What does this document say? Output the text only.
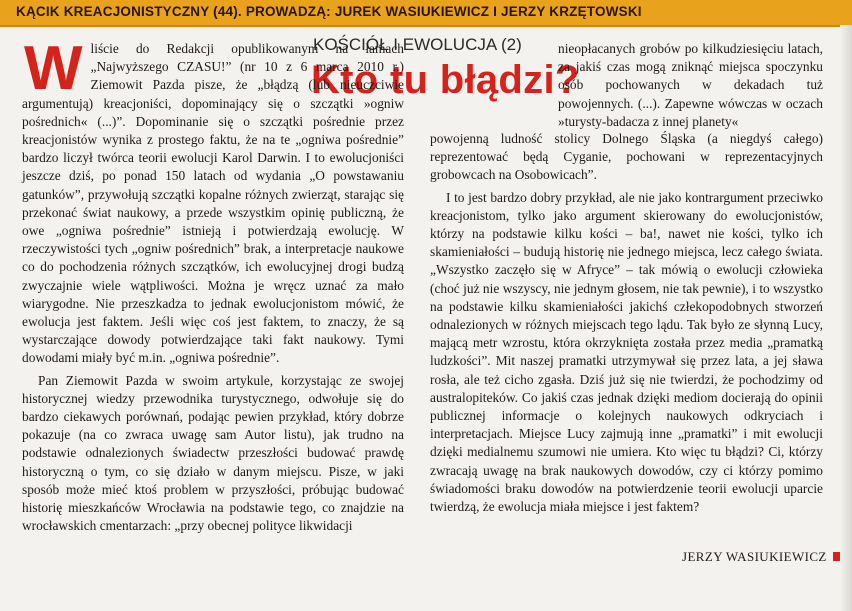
KĄCIK KREACJONISTYCZNY (44). PROWADZĄ: JUREK WASIUKIEWICZ I JERZY KRZĘTOWSKI
KOŚCIÓŁ I EWOLUCJA (2)
Kto tu błądzi?

W liście do Redakcji opublikowanym na łamach „Najwyższego CZASU!” (nr 10 z 6 marca 2010 r.) Ziemowit Pazda pisze, że „błądzą (lub nieuczciwie argumentują) kreacjoniści, dopominający się o szczątki »ogniw pośrednich« (...)”. Dopominanie się o szczątki pośrednie przez kreacjonistów wynika z prostego faktu, że na te „ogniwa pośrednie” bardzo liczył twórca teorii ewolucji Karol Darwin. I to ewolucjoniści jeszcze dziś, po ponad 150 latach od wydania „O powstawaniu gatunków”, przywołują szczątki kopalne różnych zwierząt, starając się przekonać świat naukowy, a przede wszystkim opinię publiczną, że owe „ogniwa pośrednie” istnieją i potwierdzają ewolucję. W rzeczywistości tych „ogniw pośrednich” brak, a interpretacje naukowe co do pochodzenia różnych szczątków, ich ewolucyjnej drogi budzą zwyczajnie wiele wątpliwości. Można je wręcz uznać za mało wiarygodne. Nie przeszkadza to jednak ewolucjonistom mówić, że ewolucja jest faktem. Jeśli więc coś jest faktem, to znaczy, że są wystarczające dowody potwierdzające taki fakt naukowy. Tymi dowodami miały być m.in. „ogniwa pośrednie”.

Pan Ziemowit Pazda w swoim artykule, korzystając ze swojej historycznej wiedzy przewodnika turystycznego, odwołuje się do bardzo ciekawych porównań, podając pewien przykład, który dobrze pokazuje (na co zwraca uwagę sam Autor listu), jak trudno na podstawie odnalezionych świadectw przeszłości budować prawdę historyczną o tym, co się działo w danym miejscu. Pisze, w jaki sposób może mieć ktoś problem w przyszłości, próbując budować historię mieszkańców Wrocławia na podstawie tego, co znajdzie na wrocławskich cmentarzach: „przy obecnej polityce likwidacji

nieopłacanych grobów po kilkudziesięciu latach, za jakiś czas mogą zniknąć miejsca spoczynku osób pochowanych w dekadach tuż powojennych. (...). Zapewne wówczas w oczach »turysty-badacza z innej planety«

powojenną ludność stolicy Dolnego Śląska (a niegdyś całego) reprezentować będą Cyganie, pochowani w reprezentacyjnych grobowcach na Osobowicach”.

I to jest bardzo dobry przykład, ale nie jako kontrargument przeciwko kreacjonistom, tylko jako argument skierowany do ewolucjonistów, którzy na podstawie kilku kości – ba!, nawet nie kości, tylko ich skamieniałości – budują historię nie jednego miejsca, lecz całego świata. „Wszystko zaczęło się w Afryce” – tak mówią o ewolucji człowieka (choć już nie wszyscy, nie jednym głosem, nie tak pewnie), i to wszystko na podstawie kilku skamieniałości jakichś człekopodobnych stworzeń odnalezionych w różnych miejscach tego lądu. Tak było ze słynną Lucy, mającą metr wzrostu, która okrzyknięta została przez media „pramatką ludzkości”. Mit naszej pramatki utrzymywał się przez lata, a jej sława rosła, ale też cicho zgasła. Dziś już się nie twierdzi, że pochodzimy od australopiteków. Co jakiś czas jednak dzięki mediom docierają do opinii publicznej informacje o kolejnych naukowych odkryciach i interpretacjach. Miejsce Lucy zajmują inne „pramatki” i mit ewolucji dzięki medialnemu szumowi nie umiera. Kto więc tu błądzi? Ci, którzy zwracają uwagę na brak naukowych dowodów, czy ci którzy pomimo świadomości braku dowodów na potwierdzenie teorii ewolucji uparcie twierdzą, że ewolucja miała miejsce i jest faktem?

JERZY WASIUKIEWICZ
